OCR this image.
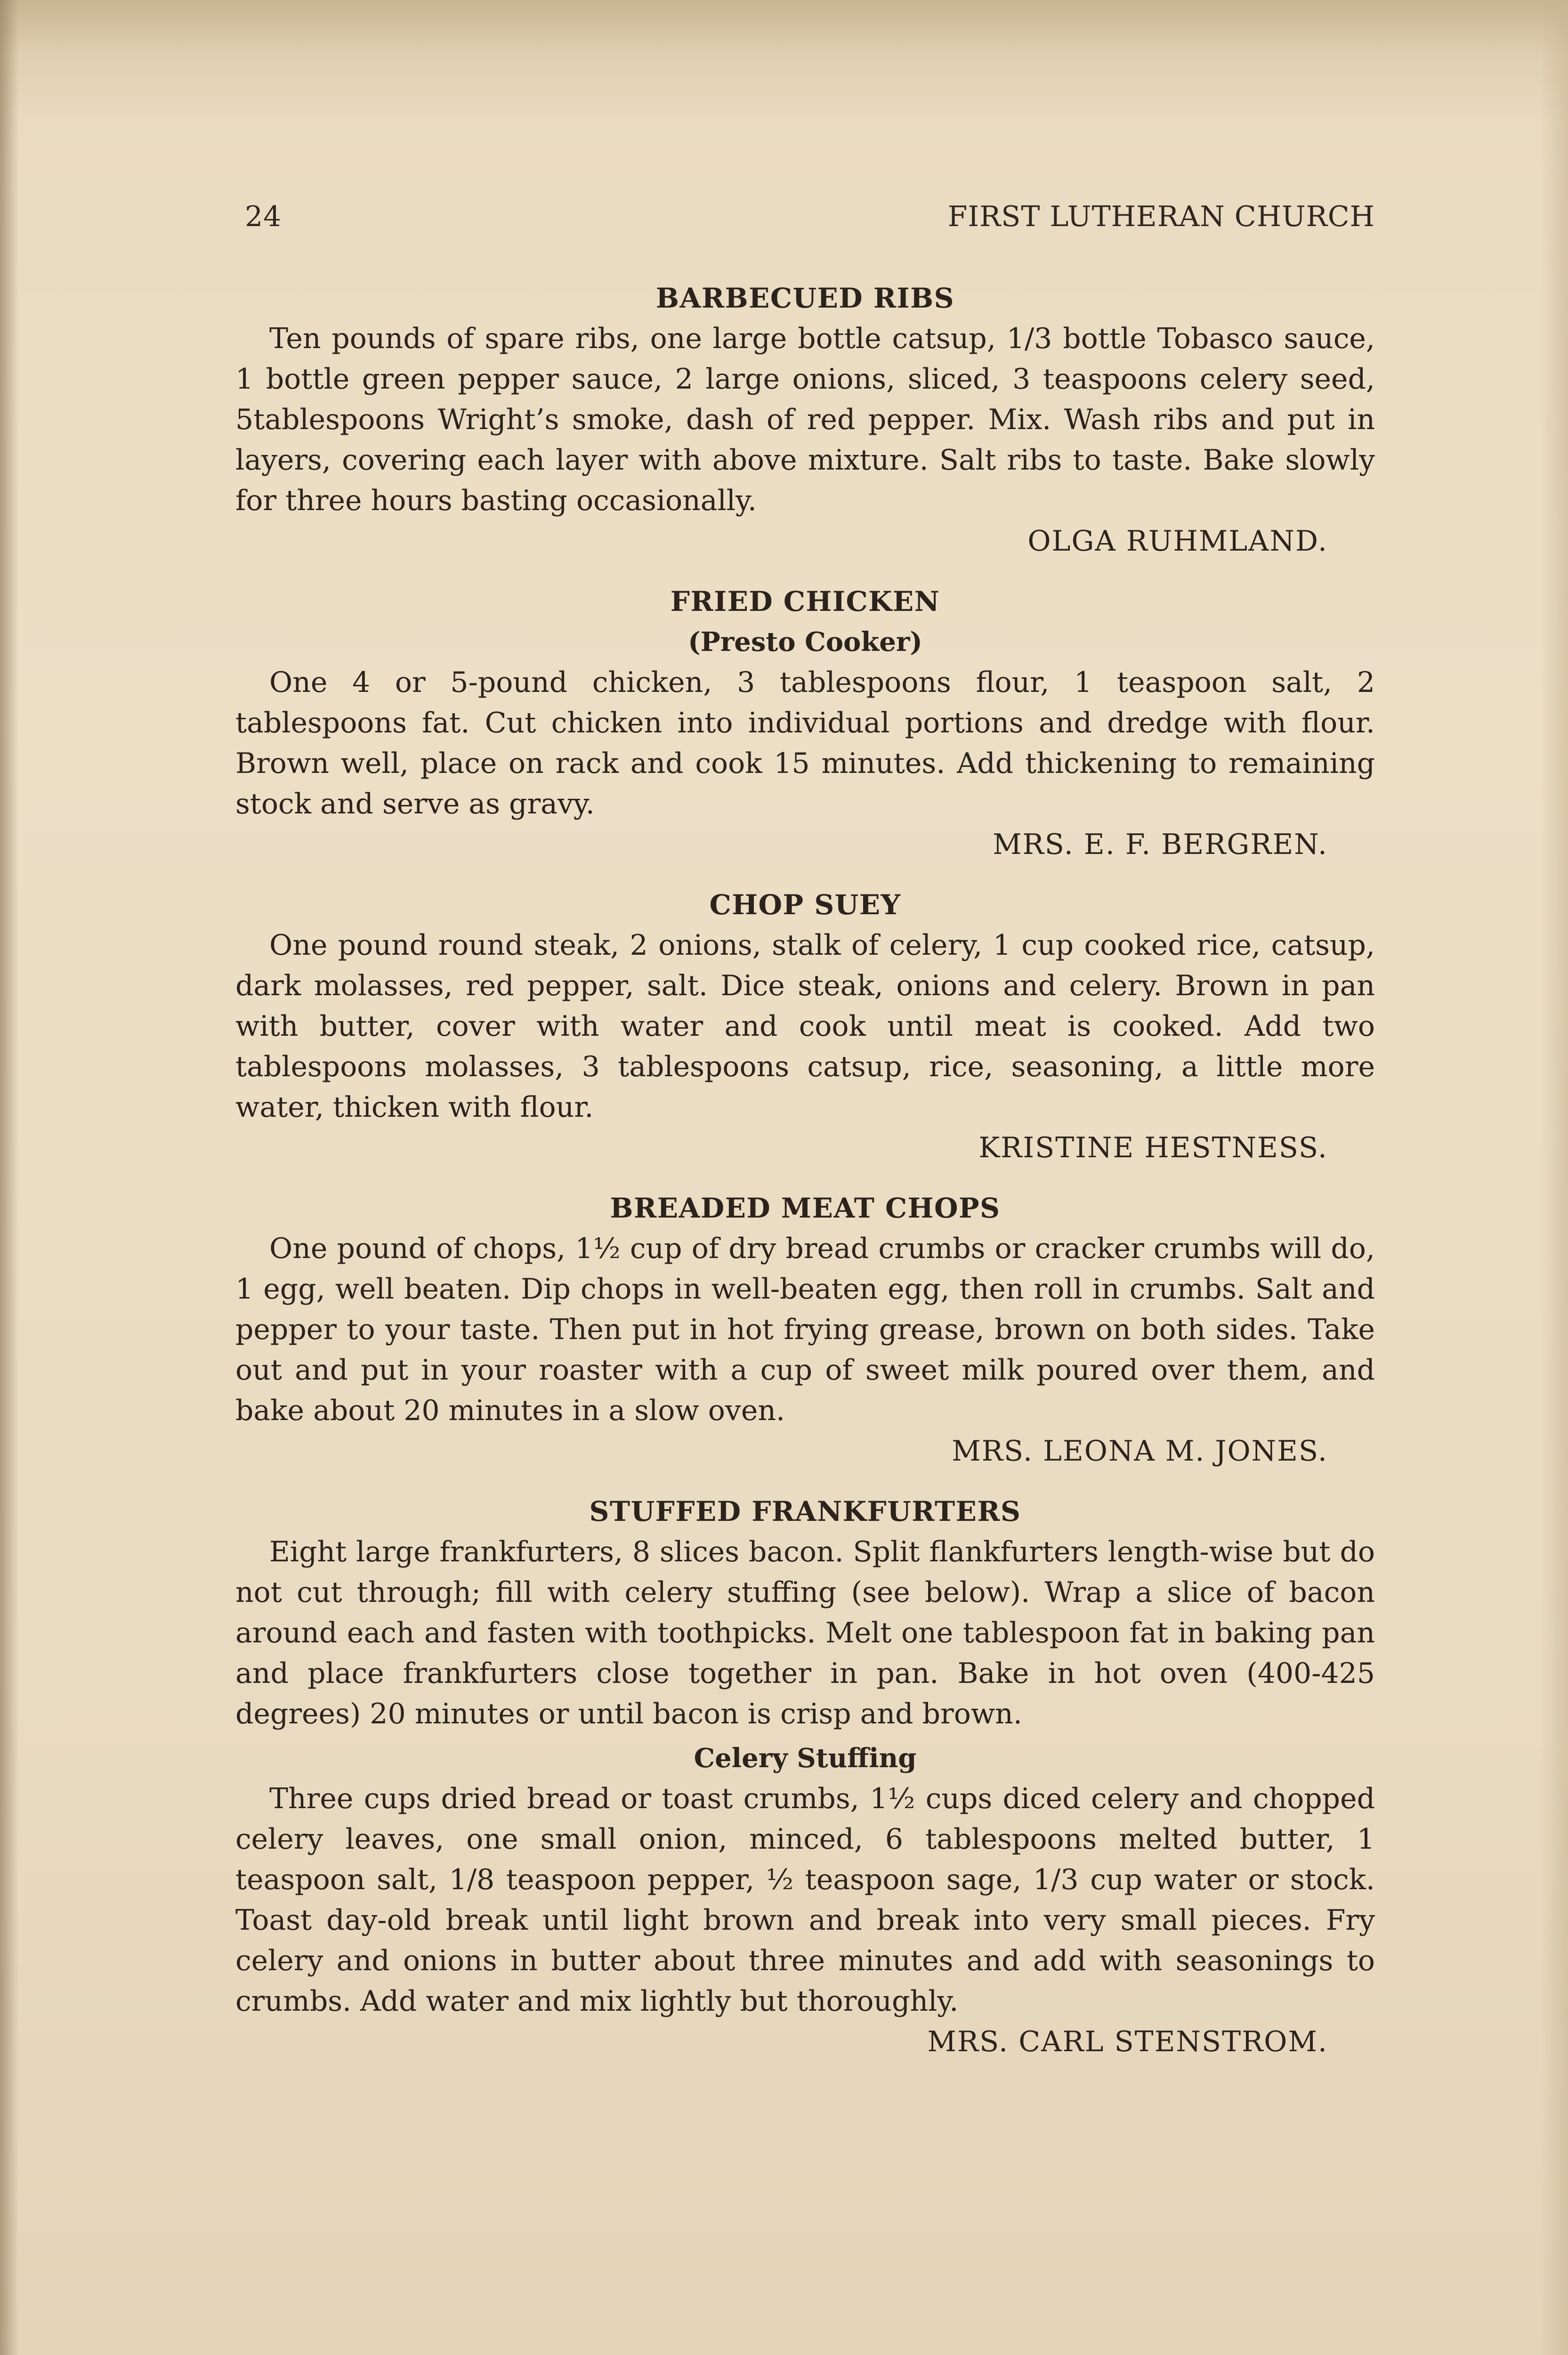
24	FIRST LUTHERAN CHURCH
BARBECUED RIBS

Ten pounds of spare ribs, one large bottle catsup, 1/3 bottle Tobasco sauce, 1 bottle green pepper sauce, 2 large onions, sliced, 3 teaspoons celery seed, 5tablespoons Wright’s smoke, dash of red pepper. Mix. Wash ribs and put in layers, covering each layer with above mixture. Salt ribs to taste. Bake slowly for three hours basting occasionally.

OLGA RUHMLAND.

FRIED CHICKEN
(Presto Cooker)

One 4 or 5-pound chicken, 3 tablespoons flour, 1 teaspoon salt, 2 tablespoons fat. Cut chicken into individual portions and dredge with flour. Brown well, place on rack and cook 15 minutes. Add thickening to remaining stock and serve as gravy.

MRS. E. F. BERGREN.

CHOP SUEY

One pound round steak, 2 onions, stalk of celery, 1 cup cooked rice, catsup, dark molasses, red pepper, salt. Dice steak, onions and celery. Brown in pan with butter, cover with water and cook until meat is cooked. Add two tablespoons molasses, 3 tablespoons catsup, rice, seasoning, a little more water, thicken with flour.

KRISTINE HESTNESS.

BREADED MEAT CHOPS

One pound of chops, 1½ cup of dry bread crumbs or cracker crumbs will do, 1 egg, well beaten. Dip chops in well-beaten egg, then roll in crumbs. Salt and pepper to your taste. Then put in hot frying grease, brown on both sides. Take out and put in your roaster with a cup of sweet milk poured over them, and bake about 20 minutes in a slow oven.

MRS. LEONA M. JONES.

STUFFED FRANKFURTERS

Eight large frankfurters, 8 slices bacon. Split flankfurters length-wise but do not cut through; fill with celery stuffing (see below). Wrap a slice of bacon around each and fasten with toothpicks. Melt one tablespoon fat in baking pan and place frankfurters close together in pan. Bake in hot oven (400-425 degrees) 20 minutes or until bacon is crisp and brown.

Celery Stuffing

Three cups dried bread or toast crumbs, 1½ cups diced celery and chopped celery leaves, one small onion, minced, 6 tablespoons melted butter, 1 teaspoon salt, 1/8 teaspoon pepper, ½ teaspoon sage, 1/3 cup water or stock. Toast day-old break until light brown and break into very small pieces. Fry celery and onions in butter about three minutes and add with seasonings to crumbs. Add water and mix lightly but thoroughly.

MRS. CARL STENSTROM.
